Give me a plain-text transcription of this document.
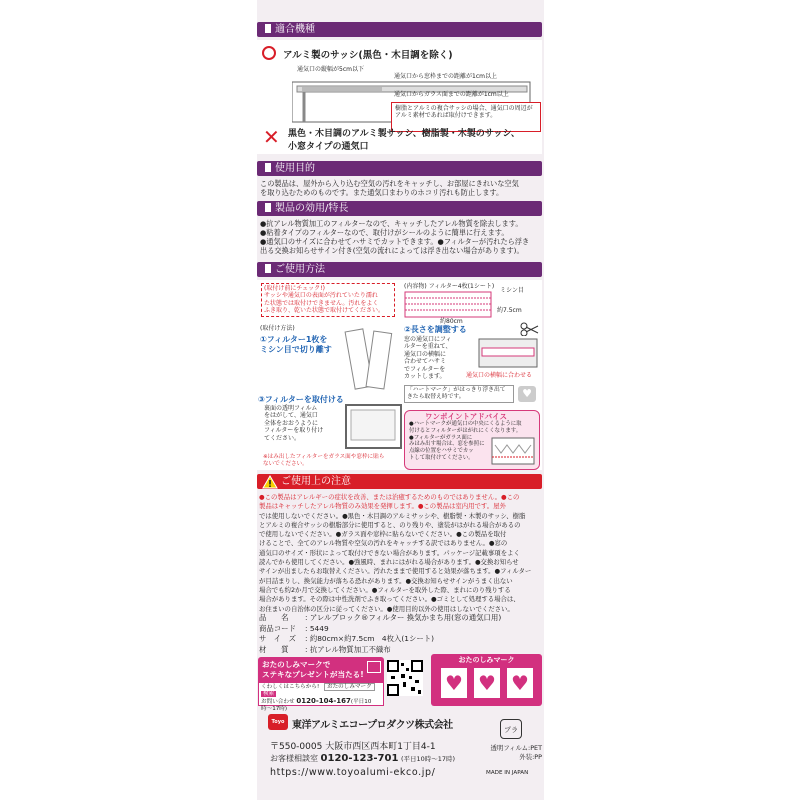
適合機種
アルミ製のサッシ(黒色・木目調を除く)
通気口の縦幅が5cm以下
通気口から窓枠までの距離が1cm以上
通気口からガラス面までの距離が1cm以上
樹脂とアルミの複合サッシの場合、通気口の周辺がアルミ素材であれば取付けできます。
✕ 黒色・木目調のアルミ製サッシ、樹脂製・木製のサッシ、
小窓タイプの通気口
使用目的
この製品は、屋外から入り込む空気の汚れをキャッチし、お部屋にきれいな空気
を取り込むためのものです。また通気口まわりのホコリ汚れも防止します。
製品の効用/特長
●抗アレル物質加工のフィルターなので、キャッチしたアレル物質を除去します。
●粘着タイプのフィルターなので、取付けがシールのように簡単に行えます。
●通気口のサイズに合わせてハサミでカットできます。●フィルターが汚れたら浮き
出る交換お知らせサイン付き(空気の流れによっては浮き出ない場合があります)。
ご使用方法
(取付け前にチェック!)
サッシや通気口の表面が汚れていたり濡れ
た状態では取付けできません。汚れをよく
ふき取り、乾いた状態で取付けてください。
(内容物) フィルター4枚(1シート)
ミシン目
約7.5cm
約80cm
(取付け方法)
①フィルター1枚を
ミシン目で切り離す
②長さを調整する
窓の通気口にフィ
ルターを重ねて、
通気口の横幅に
合わせてハサミ
でフィルターを
カットします。	通気口の横幅に合わせる
③フィルターを取付ける
裏面の透明フィルム
をはがして、通気口
全体をおおうように
フィルターを取り付け
てください。
※はみ出したフィルターをガラス面や窓枠に貼らないでください。
「ハートマーク」がはっきり浮き出て
きたら取替え時です。	♥
ワンポイントアドバイス
●ハートマークが通気口の中央にくるように取
付けるとフィルターがはがれにくくなります。
●フィルターがガラス面に
みはみ出す場合は、窓を参照に
点線の位置をハサミでカッ
トして取付けてください。
ご使用上の注意
●この製品はアレルギーの症状を改善、または治癒するためのものではありません。●この
製品はキャッチしたアレル物質のみ効果を発揮します。●この製品は室内用です。屋外
では使用しないでください。●黒色・木目調のアルミサッシや、樹脂製・木製のサッシ、樹脂
とアルミの複合サッシの樹脂部分に使用すると、のり残りや、塗装がはがれる場合があるの
で使用しないでください。●ガラス面や窓枠に貼らないでください。●この製品を取付
けることで、全てのアレル物質や空気の汚れをキャッチする訳ではありません。●窓の
通気口のサイズ・形状によって取付けできない場合があります。パッケージ記載事項をよく
読んでから使用してください。●強風時、まれにはがれる場合があります。●交換お知らせ
サインが出ましたらお取替えください。汚れたままで使用すると効果が落ちます。●フィルター
が目詰まりし、換気能力が落ちる恐れがあります。●交換お知らせサインがうまく出ない
場合でも約2か月で交換してください。●フィルターを取外した際、まれにのり残りする
場合があります。その際は中性洗剤でふき取ってください。●ゴミとして処理する場合は、
お住まいの自治体の区分に従ってください。●使用目的以外の使用はしないでください。
品　　名 : アレルブロック®フィルター 換気かまち用(窓の通気口用)
商品コード : 5449
サ　イ　ズ : 約80cm×約7.5cm　4枚入(1シート)
材　　質 : 抗アレル物質加工不織布
おたのしみマークで
ステキなプレゼントが当たる!
くわしくはこちらから! おたのしみマーク 検索
お問い合わせ 0120-104-167(平日10時〜17時)
おたのしみマーク
♥ ♥ ♥
Toyo 東洋アルミエコープロダクツ株式会社
〒550-0005 大阪市西区西本町1丁目4-1
お客様相談室 0120-123-701 (平日10時〜17時)
https://www.toyoalumi-ekco.jp/
プラ
透明フィルム:PET
外装:PP
MADE IN JAPAN
